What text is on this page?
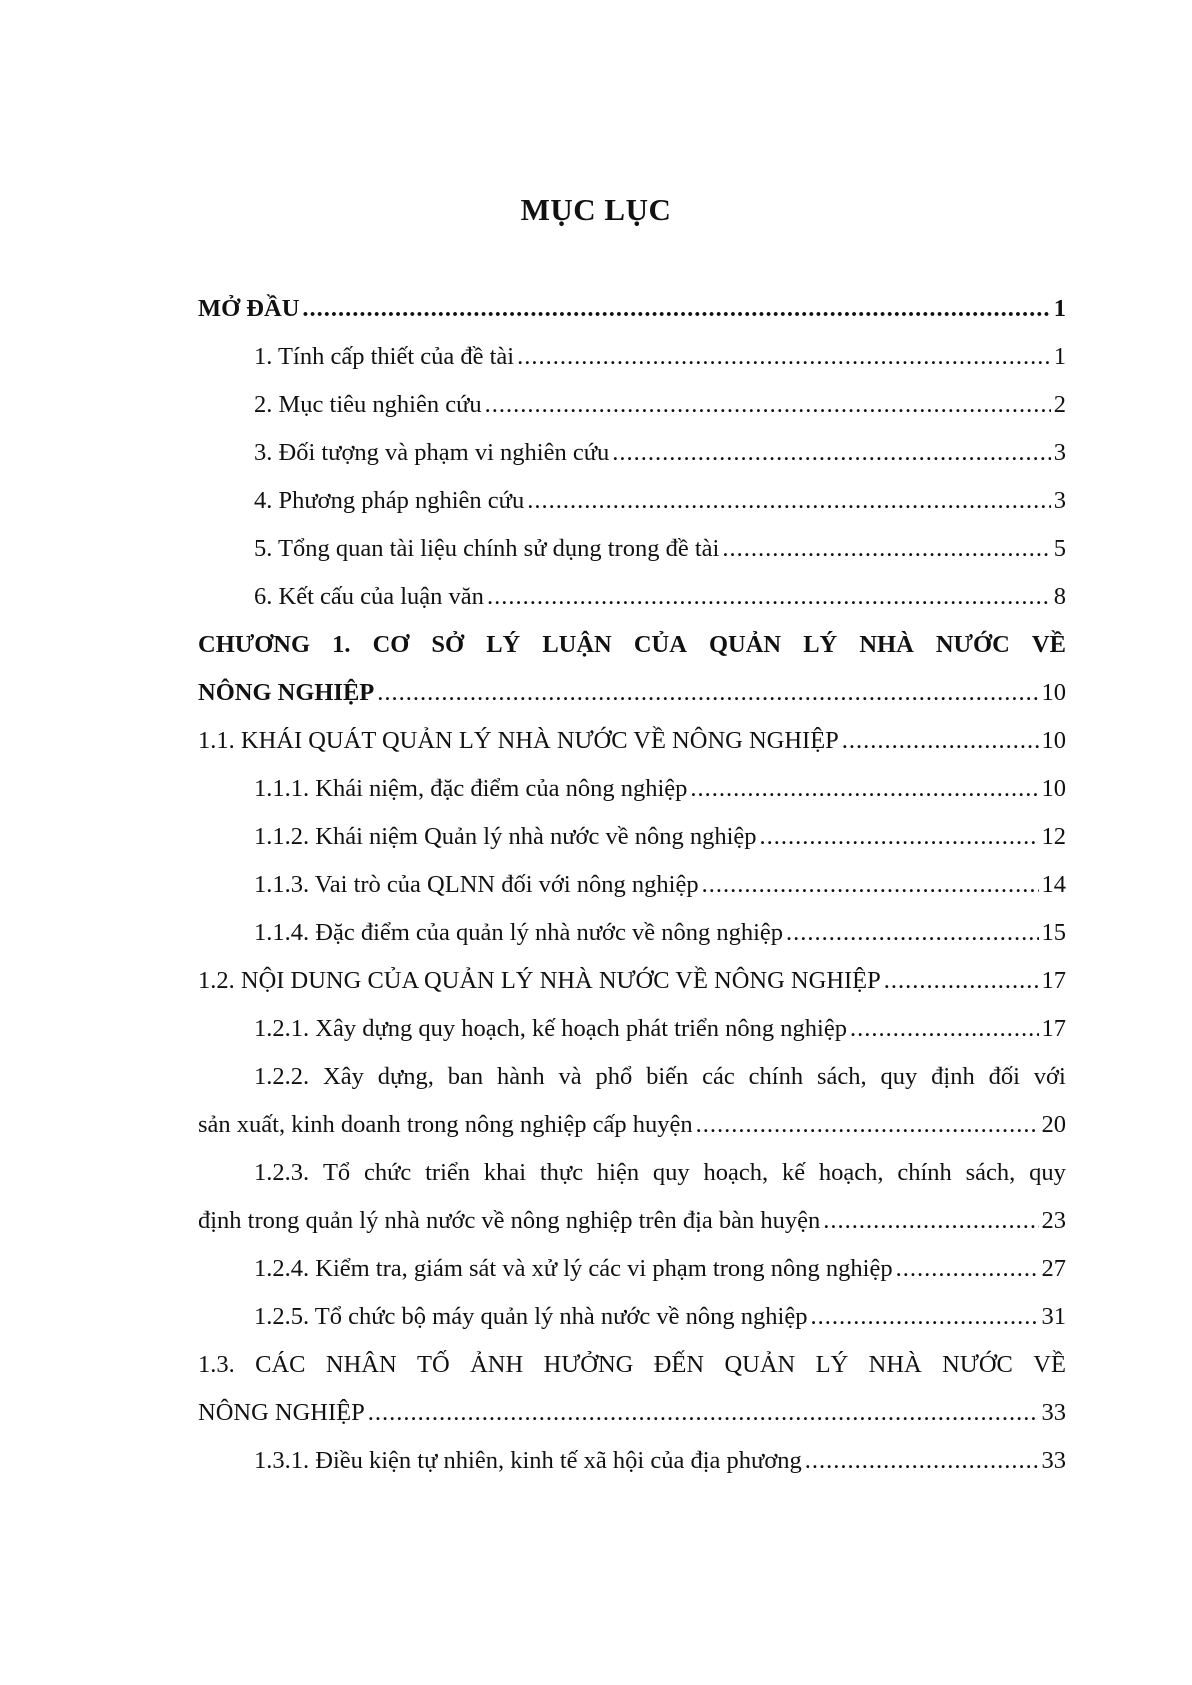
MỤC LỤC
MỞ ĐẦU .....	1
1. Tính cấp thiết của đề tài .....	1
2. Mục tiêu nghiên cứu .....	2
3. Đối tượng và phạm vi nghiên cứu .....	3
4. Phương pháp nghiên cứu .....	3
5. Tổng quan tài liệu chính sử dụng trong đề tài .....	5
6. Kết cấu của luận văn .....	8
CHƯƠNG 1. CƠ SỞ LÝ LUẬN CỦA QUẢN LÝ NHÀ NƯỚC VỀ
NÔNG NGHIỆP .....	10
1.1. KHÁI QUÁT QUẢN LÝ NHÀ NƯỚC VỀ NÔNG NGHIỆP .....	10
1.1.1. Khái niệm, đặc điểm của nông nghiệp .....	10
1.1.2. Khái niệm Quản lý nhà nước về nông nghiệp .....	12
1.1.3. Vai trò của QLNN đối với nông nghiệp .....	14
1.1.4. Đặc điểm của quản lý nhà nước về nông nghiệp .....	15
1.2. NỘI DUNG CỦA QUẢN LÝ NHÀ NƯỚC VỀ NÔNG NGHIỆP .....	17
1.2.1. Xây dựng quy hoạch, kế hoạch phát triển nông nghiệp .....	17
1.2.2. Xây dựng, ban hành và phổ biến các chính sách, quy định đối với
sản xuất, kinh doanh trong nông nghiệp cấp huyện .....	20
1.2.3. Tổ chức triển khai thực hiện quy hoạch, kế hoạch, chính sách, quy
định trong quản lý nhà nước về nông nghiệp trên địa bàn huyện .....	23
1.2.4. Kiểm tra, giám sát và xử lý các vi phạm trong nông nghiệp .....	27
1.2.5. Tổ chức bộ máy quản lý nhà nước về nông nghiệp .....	31
1.3. CÁC NHÂN TỐ ẢNH HƯỞNG ĐẾN QUẢN LÝ NHÀ NƯỚC VỀ
NÔNG NGHIỆP .....	33
1.3.1. Điều kiện tự nhiên, kinh tế xã hội của địa phương .....	33
